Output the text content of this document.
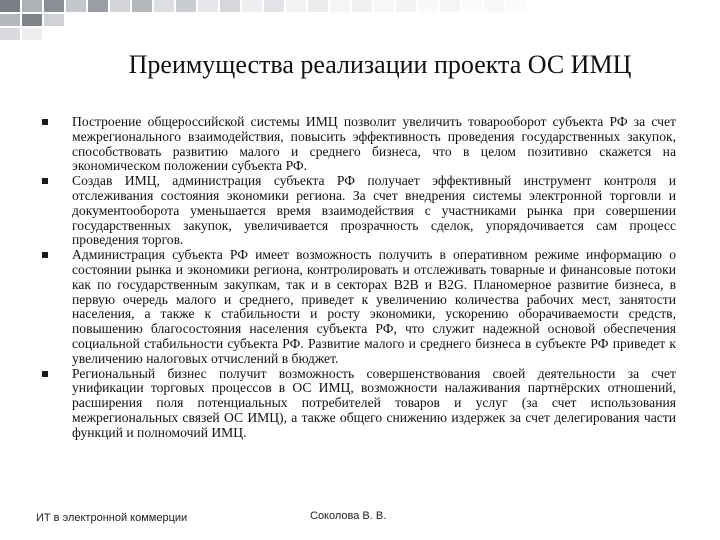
Преимущества реализации проекта ОС ИМЦ
Построение общероссийской системы ИМЦ позволит увеличить товарооборот субъекта РФ за счет межрегионального взаимодействия, повысить эффективность проведения государственных закупок, способствовать развитию малого и среднего бизнеса, что в целом позитивно скажется на экономическом положении субъекта РФ.
Создав ИМЦ, администрация субъекта РФ получает эффективный инструмент контроля и отслеживания состояния экономики региона. За счет внедрения системы электронной торговли и документооборота уменьшается время взаимодействия с участниками рынка при совершении государственных закупок, увеличивается прозрачность сделок, упорядочивается сам процесс проведения торгов.
Администрация субъекта РФ имеет возможность получить в оперативном режиме информацию о состоянии рынка и экономики региона, контролировать и отслеживать товарные и финансовые потоки как по государственным закупкам, так и в секторах B2B и B2G. Планомерное развитие бизнеса, в первую очередь малого и среднего, приведет к увеличению количества рабочих мест, занятости населения, а также к стабильности и росту экономики, ускорению оборачиваемости средств, повышению благосостояния населения субъекта РФ, что служит надежной основой обеспечения социальной стабильности субъекта РФ. Развитие малого и среднего бизнеса в субъекте РФ приведет к увеличению налоговых отчислений в бюджет.
Региональный бизнес получит возможность совершенствования своей деятельности за счет унификации торговых процессов в ОС ИМЦ, возможности налаживания партнёрских отношений, расширения поля потенциальных потребителей товаров и услуг (за счет использования межрегиональных связей ОС ИМЦ), а также общего снижению издержек за счет делегирования части функций и полномочий ИМЦ.
ИТ в электронной коммерции	Соколова В. В.
